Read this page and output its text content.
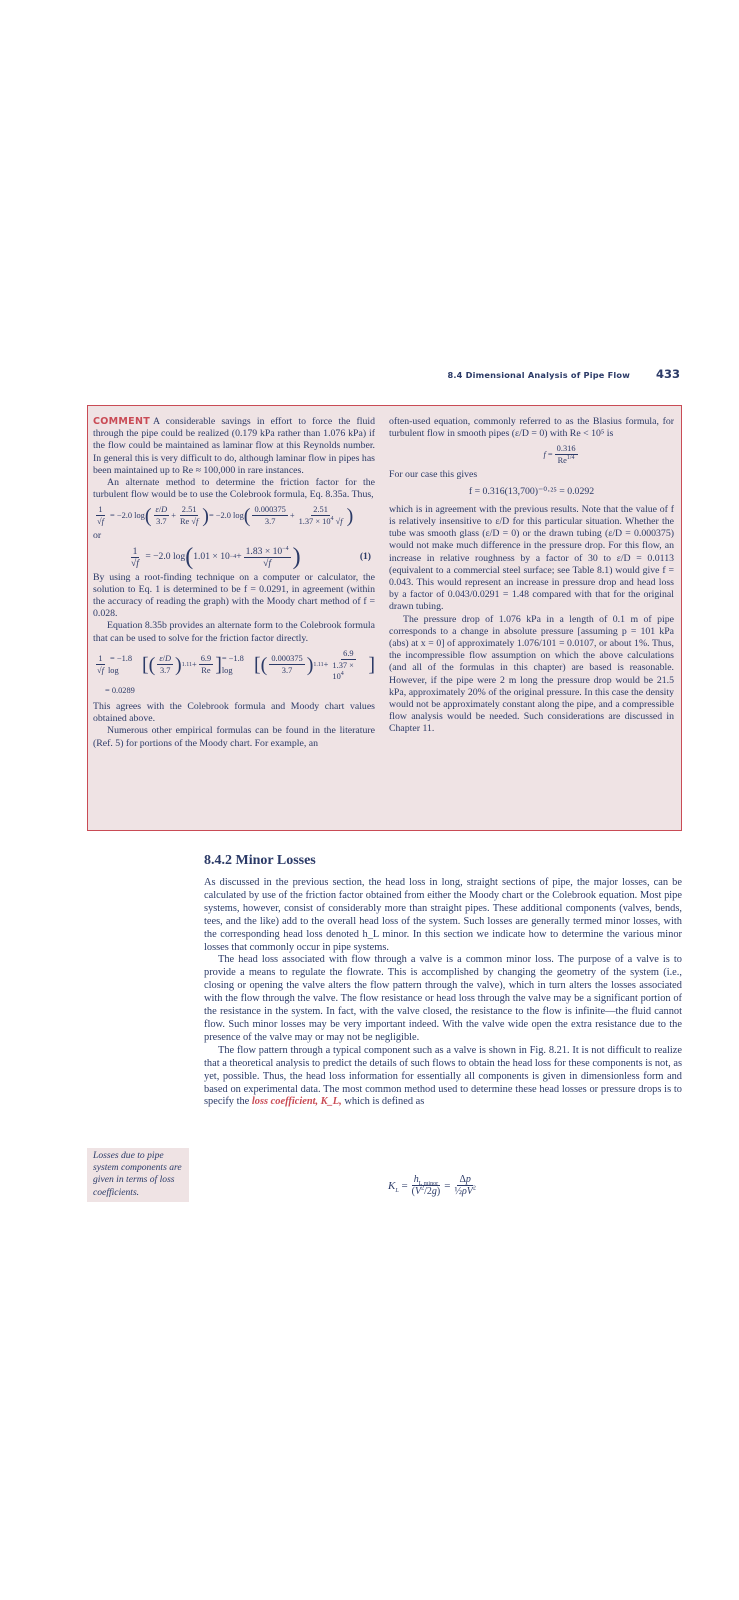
8.4 Dimensional Analysis of Pipe Flow 433

COMMENT A considerable savings in effort to force the fluid through the pipe could be realized (0.179 kPa rather than 1.076 kPa) if the flow could be maintained as laminar flow at this Reynolds number. In general this is very difficult to do, although laminar flow in pipes has been maintained up to Re ≈ 100,000 in rare instances.

An alternate method to determine the friction factor for the turbulent flow would be to use the Colebrook formula, Eq. 8.35a. Thus,

$\frac{1}{√f} = -2.0$ log ( $\frac{\varepsilon/D}{3.7} + \frac{2.51}{Re √f}$ ) = −2.0 log ( $\frac{0.000375}{3.7} + \frac{2.51}{1.37 \times 10^4 √f}$ )

or

$\frac{1}{√f} = -2.0$ log ( $1.01 \times 10 -4 + \frac{1.83 \times 10^{-4}}{√f}$ )	(1)

By using a root-finding technique on a computer or calculator, the solution to Eq. 1 is determined to be f = 0.0291, in agreement (within the accuracy of reading the graph) with the Moody chart method of f = 0.028.

Equation 8.35b provides an alternate form to the Colebrook formula that can be used to solve for the friction factor directly.

$\frac{1}{√f} = -1.8$ log [ ( $\frac{\varepsilon/D}{3.7}$ ) $1.11 + \frac{6.9}{Re}$ ] = −1.8 log [ ( $\frac{0.000375}{3.7}$ ) $1.11 + \frac{6.9}{1.37 \times 10^4}$ ]

= 0.0289

This agrees with the Colebrook formula and Moody chart values obtained above.

Numerous other empirical formulas can be found in the literature (Ref. 5) for portions of the Moody chart. For example, an

often-used equation, commonly referred to as the Blasius formula, for turbulent flow in smooth pipes (ε/D = 0) with Re < 10⁵ is

$f = \frac{0.316}{Re^{1/4}}$

For our case this gives

f = 0.316(13,700)⁻⁰·²⁵ = 0.0292

which is in agreement with the previous results. Note that the value of f is relatively insensitive to ε/D for this particular situation. Whether the tube was smooth glass (ε/D = 0) or the drawn tubing (ε/D = 0.000375) would not make much difference in the pressure drop. For this flow, an increase in relative roughness by a factor of 30 to ε/D = 0.0113 (equivalent to a commercial steel surface; see Table 8.1) would give f = 0.043. This would represent an increase in pressure drop and head loss by a factor of 0.043/0.0291 = 1.48 compared with that for the original drawn tubing.

The pressure drop of 1.076 kPa in a length of 0.1 m of pipe corresponds to a change in absolute pressure [assuming p = 101 kPa (abs) at x = 0] of approximately 1.076/101 = 0.0107, or about 1%. Thus, the incompressible flow assumption on which the above calculations (and all of the formulas in this chapter) are based is reasonable. However, if the pipe were 2 m long the pressure drop would be 21.5 kPa, approximately 20% of the original pressure. In this case the density would not be approximately constant along the pipe, and a compressible flow analysis would be needed. Such considerations are discussed in Chapter 11.

8.4.2 Minor Losses

As discussed in the previous section, the head loss in long, straight sections of pipe, the major losses, can be calculated by use of the friction factor obtained from either the Moody chart or the Colebrook equation. Most pipe systems, however, consist of considerably more than straight pipes. These additional components (valves, bends, tees, and the like) add to the overall head loss of the system. Such losses are generally termed minor losses, with the corresponding head loss denoted h_L minor. In this section we indicate how to determine the various minor losses that commonly occur in pipe systems.

The head loss associated with flow through a valve is a common minor loss. The purpose of a valve is to provide a means to regulate the flowrate. This is accomplished by changing the geometry of the system (i.e., closing or opening the valve alters the flow pattern through the valve), which in turn alters the losses associated with the flow through the valve. The flow resistance or head loss through the valve may be a significant portion of the resistance in the system. In fact, with the valve closed, the resistance to the flow is infinite—the fluid cannot flow. Such minor losses may be very important indeed. With the valve wide open the extra resistance due to the presence of the valve may or may not be negligible.

The flow pattern through a typical component such as a valve is shown in Fig. 8.21. It is not difficult to realize that a theoretical analysis to predict the details of such flows to obtain the head loss for these components is not, as yet, possible. Thus, the head loss information for essentially all components is given in dimensionless form and based on experimental data. The most common method used to determine these head losses or pressure drops is to specify the loss coefficient, K_L, which is defined as

Losses due to pipe system components are given in terms of loss coefficients.
$K_L = \frac{h_{L minor}}{(V^2/2g)} = \frac{\Delta p}{\frac{1}{2}\rho V^2}$
